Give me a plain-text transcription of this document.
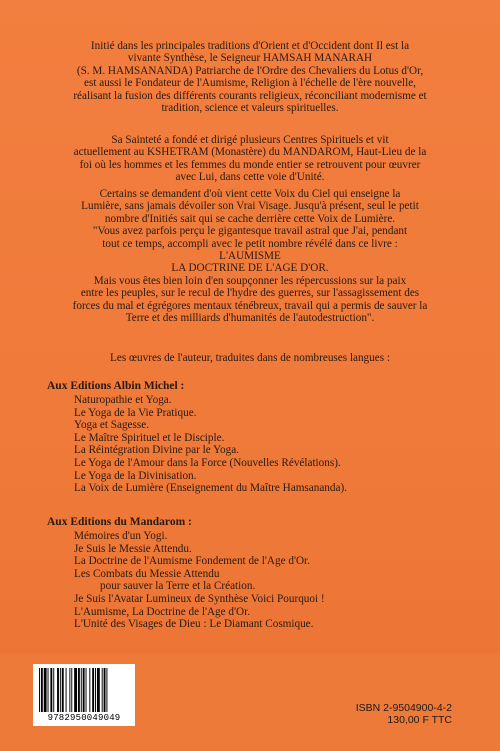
Initié dans les principales traditions d'Orient et d'Occident dont Il est la
vivante Synthèse, le Seigneur HAMSAH MANARAH
(S. M. HAMSANANDA) Patriarche de l'Ordre des Chevaliers du Lotus d'Or,
est aussi le Fondateur de l'Aumisme, Religion à l'échelle de l'ère nouvelle,
réalisant la fusion des différents courants religieux, réconciliant modernisme et
tradition, science et valeurs spirituelles.
Sa Sainteté a fondé et dirigé plusieurs Centres Spirituels et vit
actuellement au KSHETRAM (Monastère) du MANDAROM, Haut-Lieu de la
foi où les hommes et les femmes du monde entier se retrouvent pour œuvrer
avec Lui, dans cette voie d'Unité.
Certains se demandent d'où vient cette Voix du Ciel qui enseigne la
Lumière, sans jamais dévoiler son Vrai Visage. Jusqu'à présent, seul le petit
nombre d'Initiés sait qui se cache derrière cette Voix de Lumière.
"Vous avez parfois perçu le gigantesque travail astral que J'ai, pendant
tout ce temps, accompli avec le petit nombre révélé dans ce livre :
L'AUMISME
LA DOCTRINE DE L'AGE D'OR.
Mais vous êtes bien loin d'en soupçonner les répercussions sur la paix
entre les peuples, sur le recul de l'hydre des guerres, sur l'assagissement des
forces du mal et égrégores mentaux ténébreux, travail qui a permis de sauver la
Terre et des milliards d'humanités de l'autodestruction".
Les œuvres de l'auteur, traduites dans de nombreuses langues :
Aux Editions Albin Michel :
Naturopathie et Yoga.
Le Yoga de la Vie Pratique.
Yoga et Sagesse.
Le Maître Spirituel et le Disciple.
La Réintégration Divine par le Yoga.
Le Yoga de l'Amour dans la Force (Nouvelles Révélations).
Le Yoga de la Divinisation.
La Voix de Lumière (Enseignement du Maître Hamsananda).
Aux Editions du Mandarom :
Mémoires d'un Yogi.
Je Suis le Messie Attendu.
La Doctrine de l'Aumisme Fondement de l'Age d'Or.
Les Combats du Messie Attendu
pour sauver la Terre et la Création.
Je Suis l'Avatar Lumineux de Synthèse Voici Pourquoi !
L'Aumisme, La Doctrine de l'Age d'Or.
L'Unité des Visages de Dieu : Le Diamant Cosmique.
9782950049049
ISBN 2-9504900-4-2
130,00 F TTC
